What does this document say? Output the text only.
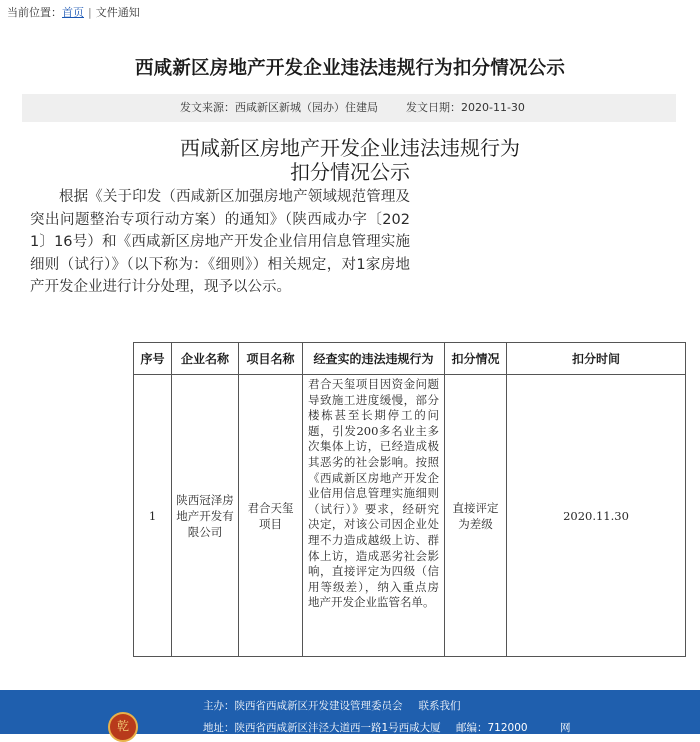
当前位置：首页 | 文件通知
西咸新区房地产开发企业违法违规行为扣分情况公示
发文来源：西咸新区新城（园办）住建局	发文日期：2020-11-30
西咸新区房地产开发企业违法违规行为
扣分情况公示
根据《关于印发（西咸新区加强房地产领域规范管理及突出问题整治专项行动方案）的通知》（陕西咸办字〔2021〕16号）和《西咸新区房地产开发企业信用信息管理实施细则（试行）》（以下称为：《细则》）相关规定，对1家房地产开发企业进行计分处理，现予以公示。
序号	企业名称	项目名称	经查实的违法违规行为	扣分情况	扣分时间
1	陕西冠泽房地产开发有限公司	君合天玺项目	君合天玺项目因资金问题导致施工进度缓慢，部分楼栋甚至长期停工的问题，引发200多名业主多次集体上访，已经造成极其恶劣的社会影响。按照《西咸新区房地产开发企业信用信息管理实施细则（试行）》要求，经研究决定，对该公司因企业处理不力造成越级上访、群体上访，造成恶劣社会影响，直接评定为四级（信用等级差），纳入重点房地产开发企业监管名单。	直接评定为差级	2020.11.30
乾
主办：陕西省西咸新区开发建设管理委员会 联系我们
地址：陕西省西咸新区沣泾大道西一路1号西咸大厦 邮编：712000	网
